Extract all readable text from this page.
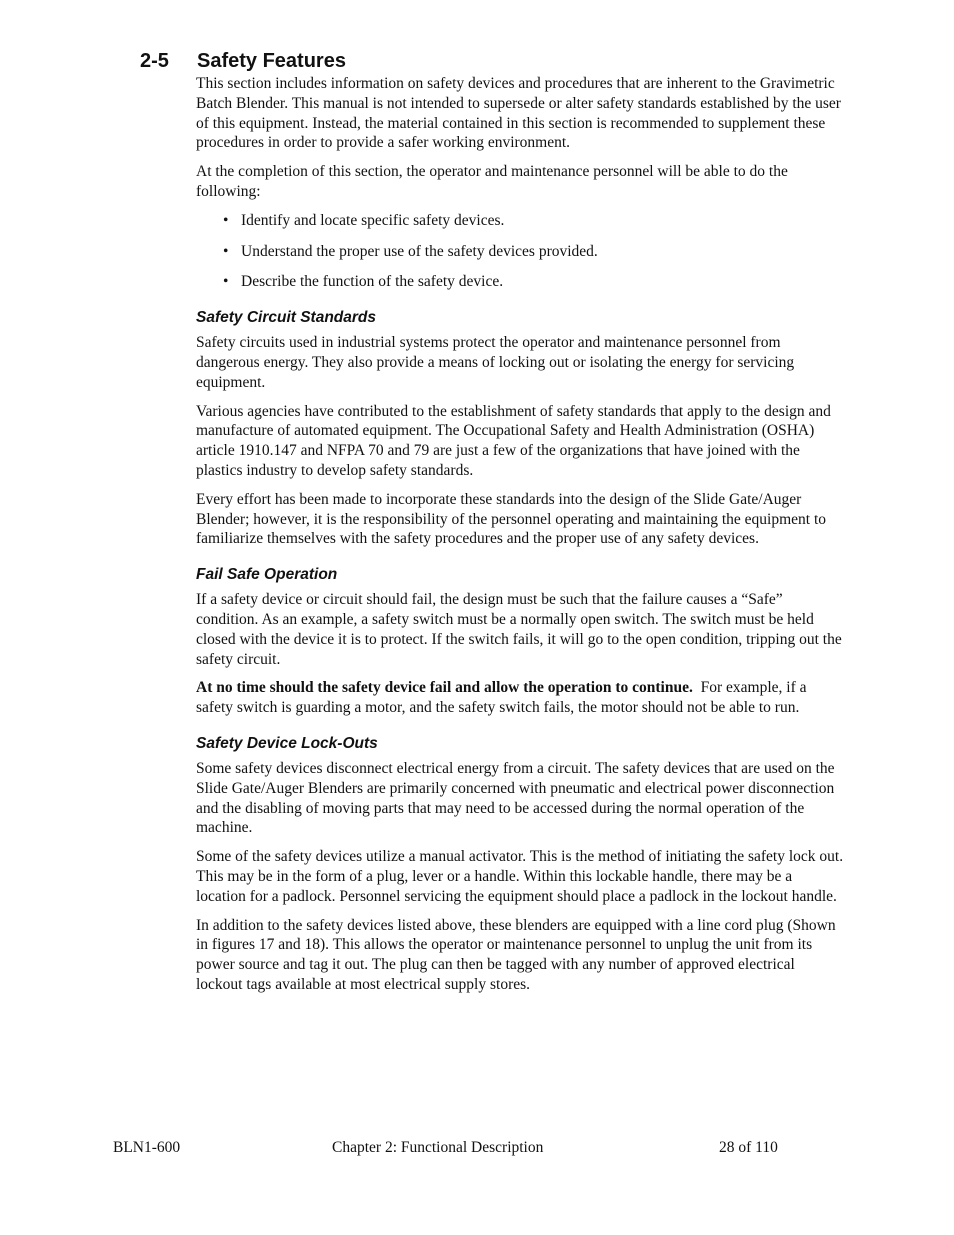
2-5 Safety Features

This section includes information on safety devices and procedures that are inherent to the Gravimetric Batch Blender. This manual is not intended to supersede or alter safety standards established by the user of this equipment. Instead, the material contained in this section is recommended to supplement these procedures in order to provide a safer working environment.

At the completion of this section, the operator and maintenance personnel will be able to do the following:

• Identify and locate specific safety devices.
• Understand the proper use of the safety devices provided.
• Describe the function of the safety device.
Safety Circuit Standards

Safety circuits used in industrial systems protect the operator and maintenance personnel from dangerous energy. They also provide a means of locking out or isolating the energy for servicing equipment.

Various agencies have contributed to the establishment of safety standards that apply to the design and manufacture of automated equipment. The Occupational Safety and Health Administration (OSHA) article 1910.147 and NFPA 70 and 79 are just a few of the organizations that have joined with the plastics industry to develop safety standards.

Every effort has been made to incorporate these standards into the design of the Slide Gate/Auger Blender; however, it is the responsibility of the personnel operating and maintaining the equipment to familiarize themselves with the safety procedures and the proper use of any safety devices.

Fail Safe Operation

If a safety device or circuit should fail, the design must be such that the failure causes a “Safe” condition. As an example, a safety switch must be a normally open switch. The switch must be held closed with the device it is to protect. If the switch fails, it will go to the open condition, tripping out the safety circuit.

At no time should the safety device fail and allow the operation to continue.  For example, if a safety switch is guarding a motor, and the safety switch fails, the motor should not be able to run.

Safety Device Lock-Outs

Some safety devices disconnect electrical energy from a circuit. The safety devices that are used on the Slide Gate/Auger Blenders are primarily concerned with pneumatic and electrical power disconnection and the disabling of moving parts that may need to be accessed during the normal operation of the machine.

Some of the safety devices utilize a manual activator. This is the method of initiating the safety lock out. This may be in the form of a plug, lever or a handle. Within this lockable handle, there may be a location for a padlock. Personnel servicing the equipment should place a padlock in the lockout handle.

In addition to the safety devices listed above, these blenders are equipped with a line cord plug (Shown in figures 17 and 18). This allows the operator or maintenance personnel to unplug the unit from its power source and tag it out. The plug can then be tagged with any number of approved electrical lockout tags available at most electrical supply stores.

BLN1-600	Chapter 2: Functional Description	28 of 110
